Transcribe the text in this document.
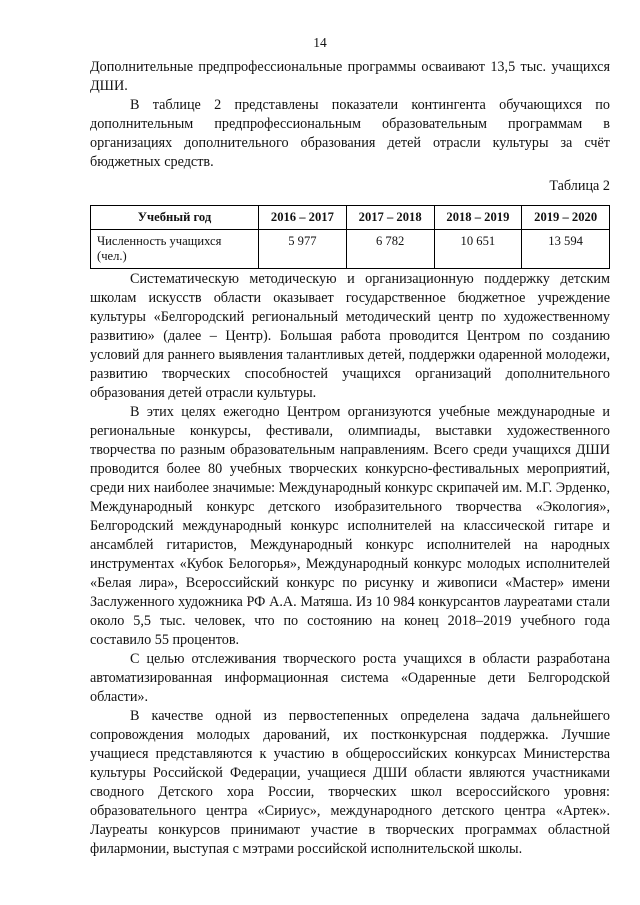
14

Дополнительные предпрофессиональные программы осваивают 13,5 тыс. учащихся ДШИ.

В таблице 2 представлены показатели контингента обучающихся по дополнительным предпрофессиональным образовательным программам в организациях дополнительного образования детей отрасли культуры за счёт бюджетных средств.

Таблица 2
Учебный год	2016 – 2017	2017 – 2018	2018 – 2019	2019 – 2020
Численность учащихся (чел.)	5 977	6 782	10 651	13 594

Систематическую методическую и организационную поддержку детским школам искусств области оказывает государственное бюджетное учреждение культуры «Белгородский региональный методический центр по художественному развитию» (далее – Центр). Большая работа проводится Центром по созданию условий для раннего выявления талантливых детей, поддержки одаренной молодежи, развитию творческих способностей учащихся организаций дополнительного образования детей отрасли культуры.

В этих целях ежегодно Центром организуются учебные международные и региональные конкурсы, фестивали, олимпиады, выставки художественного творчества по разным образовательным направлениям. Всего среди учащихся ДШИ проводится более 80 учебных творческих конкурсно-фестивальных мероприятий, среди них наиболее значимые: Международный конкурс скрипачей им. М.Г. Эрденко, Международный конкурс детского изобразительного творчества «Экология», Белгородский международный конкурс исполнителей на классической гитаре и ансамблей гитаристов, Международный конкурс исполнителей на народных инструментах «Кубок Белогорья», Международный конкурс молодых исполнителей «Белая лира», Всероссийский конкурс по рисунку и живописи «Мастер» имени Заслуженного художника РФ А.А. Матяша. Из 10 984 конкурсантов лауреатами стали около 5,5 тыс. человек, что по состоянию на конец 2018–2019 учебного года составило 55 процентов.

С целью отслеживания творческого роста учащихся в области разработана автоматизированная информационная система «Одаренные дети Белгородской области».

В качестве одной из первостепенных определена задача дальнейшего сопровождения молодых дарований, их постконкурсная поддержка. Лучшие учащиеся представляются к участию в общероссийских конкурсах Министерства культуры Российской Федерации, учащиеся ДШИ области являются участниками сводного Детского хора России, творческих школ всероссийского уровня: образовательного центра «Сириус», международного детского центра «Артек». Лауреаты конкурсов принимают участие в творческих программах областной филармонии, выступая с мэтрами российской исполнительской школы.
